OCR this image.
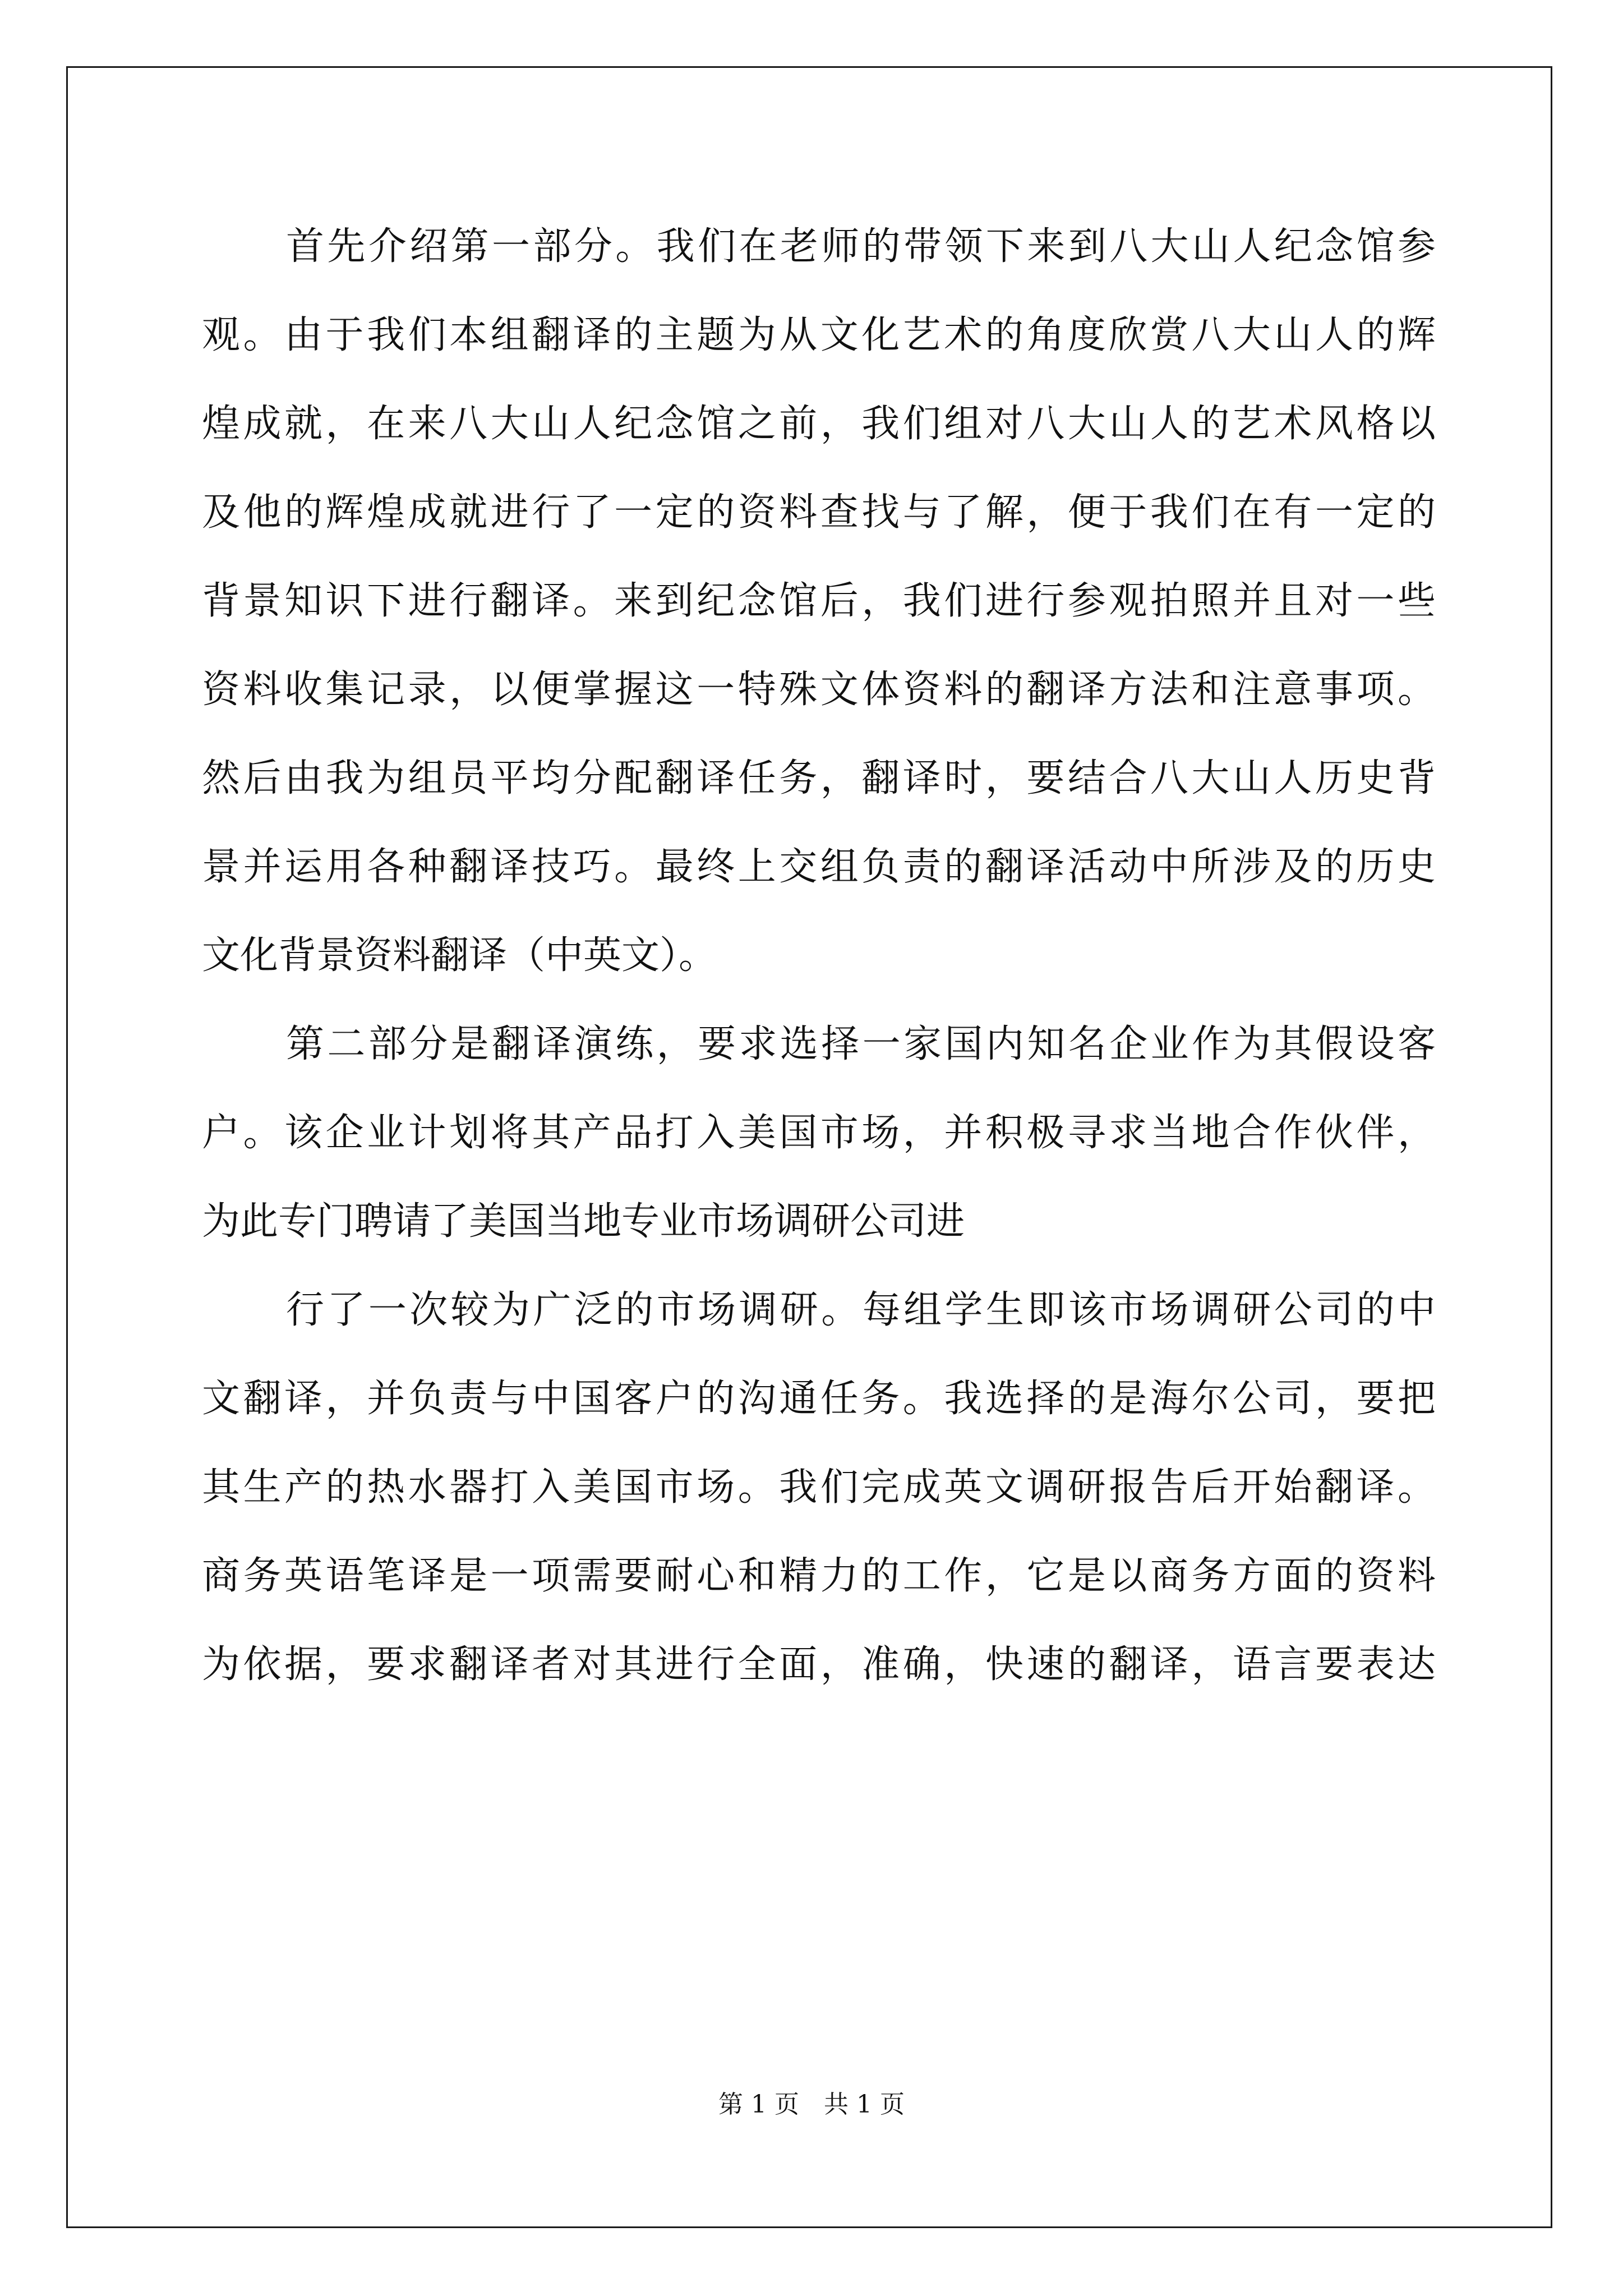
首先介绍第一部分。我们在老师的带领下来到八大山人纪念馆参
观。由于我们本组翻译的主题为从文化艺术的角度欣赏八大山人的辉
煌成就，在来八大山人纪念馆之前，我们组对八大山人的艺术风格以
及他的辉煌成就进行了一定的资料查找与了解，便于我们在有一定的
背景知识下进行翻译。来到纪念馆后，我们进行参观拍照并且对一些
资料收集记录，以便掌握这一特殊文体资料的翻译方法和注意事项。
然后由我为组员平均分配翻译任务，翻译时，要结合八大山人历史背
景并运用各种翻译技巧。最终上交组负责的翻译活动中所涉及的历史
文化背景资料翻译（中英文）。
第二部分是翻译演练，要求选择一家国内知名企业作为其假设客
户。该企业计划将其产品打入美国市场，并积极寻求当地合作伙伴，
为此专门聘请了美国当地专业市场调研公司进
行了一次较为广泛的市场调研。每组学生即该市场调研公司的中
文翻译，并负责与中国客户的沟通任务。我选择的是海尔公司，要把
其生产的热水器打入美国市场。我们完成英文调研报告后开始翻译。
商务英语笔译是一项需要耐心和精力的工作，它是以商务方面的资料
为依据，要求翻译者对其进行全面，准确，快速的翻译，语言要表达
第 1 页　共 1 页
